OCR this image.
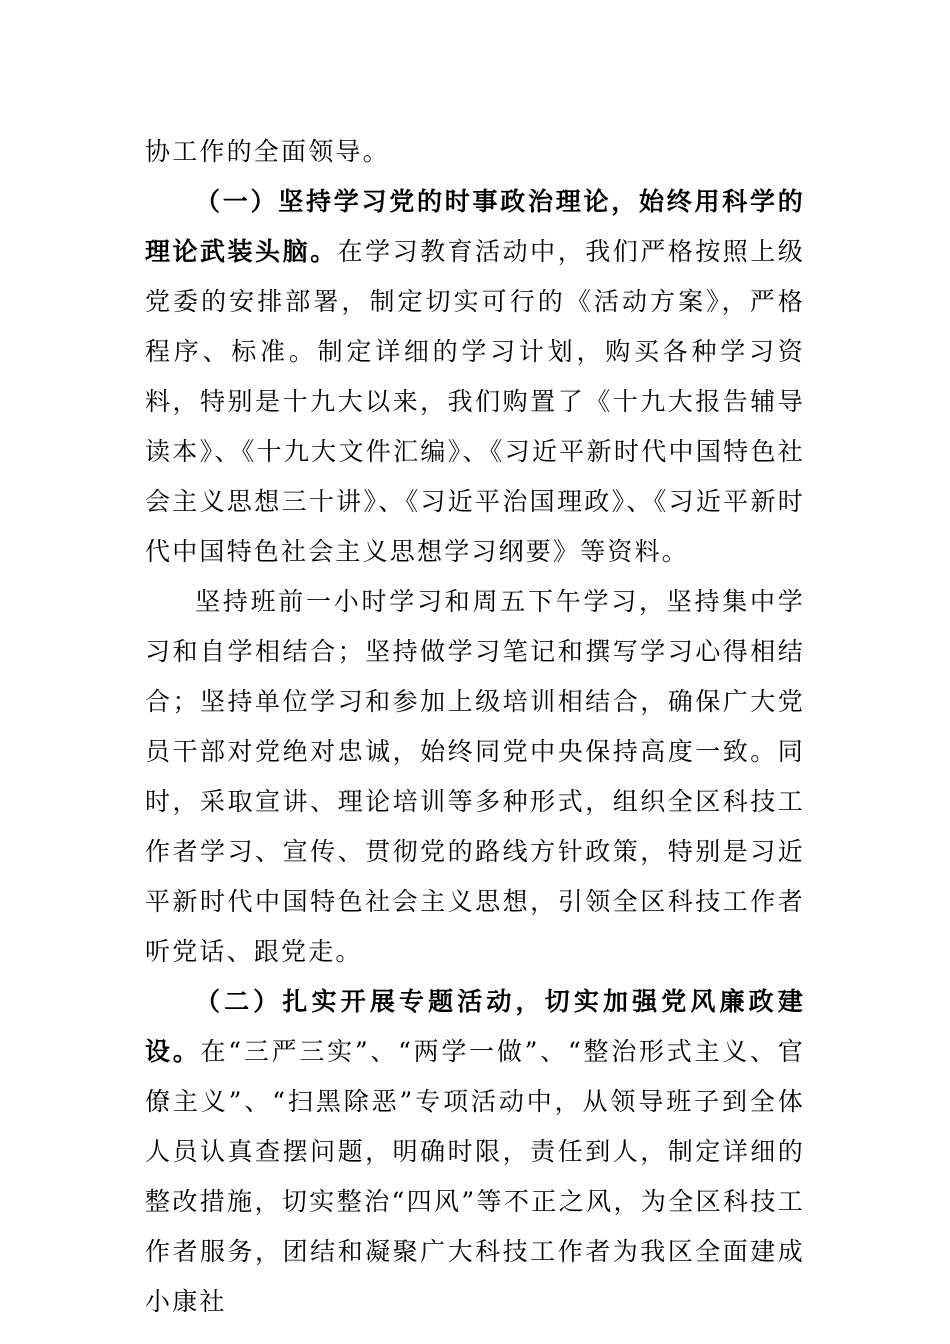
协工作的全面领导。

（一）坚持学习党的时事政治理论，始终用科学的理论武装头脑。在学习教育活动中，我们严格按照上级党委的安排部署，制定切实可行的《活动方案》，严格程序、标准。制定详细的学习计划，购买各种学习资料，特别是十九大以来，我们购置了《十九大报告辅导读本》、《十九大文件汇编》、《习近平新时代中国特色社会主义思想三十讲》、《习近平治国理政》、《习近平新时代中国特色社会主义思想学习纲要》等资料。

坚持班前一小时学习和周五下午学习，坚持集中学习和自学相结合；坚持做学习笔记和撰写学习心得相结合；坚持单位学习和参加上级培训相结合，确保广大党员干部对党绝对忠诚，始终同党中央保持高度一致。同时，采取宣讲、理论培训等多种形式，组织全区科技工作者学习、宣传、贯彻党的路线方针政策，特别是习近平新时代中国特色社会主义思想，引领全区科技工作者听党话、跟党走。

（二）扎实开展专题活动，切实加强党风廉政建设。在“三严三实”、“两学一做”、“整治形式主义、官僚主义”、“扫黑除恶”专项活动中，从领导班子到全体人员认真查摆问题，明确时限，责任到人，制定详细的整改措施，切实整治“四风”等不正之风，为全区科技工作者服务，团结和凝聚广大科技工作者为我区全面建成小康社
